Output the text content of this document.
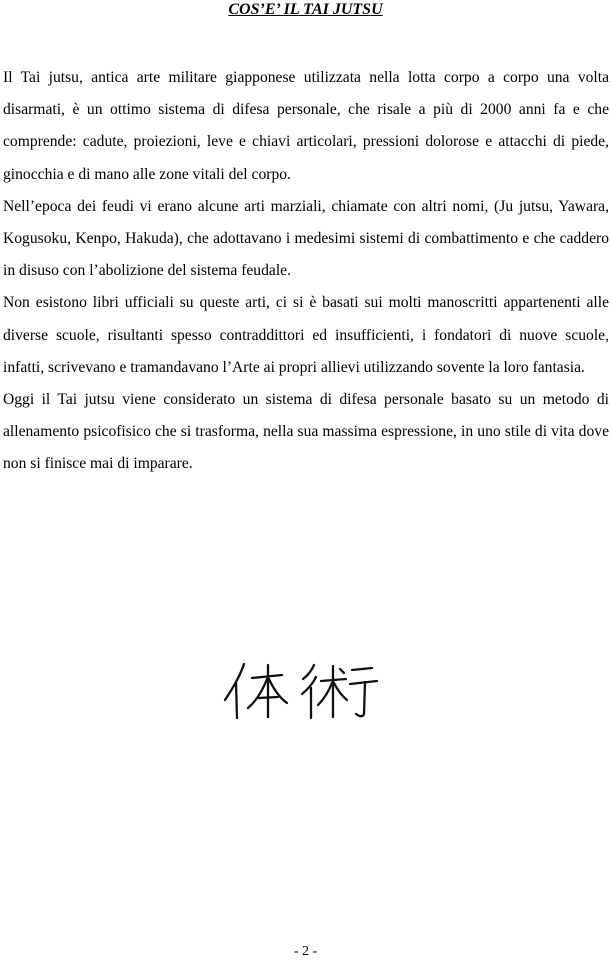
COS’E’ IL TAI JUTSU

Il Tai jutsu, antica arte militare giapponese utilizzata nella lotta corpo a corpo una volta disarmati, è un ottimo sistema di difesa personale, che risale a più di 2000 anni fa e che comprende: cadute, proiezioni, leve e chiavi articolari, pressioni dolorose e attacchi di piede, ginocchia e di mano alle zone vitali del corpo.

Nell’epoca dei feudi vi erano alcune arti marziali, chiamate con altri nomi, (Ju jutsu, Yawara, Kogusoku, Kenpo, Hakuda), che adottavano i medesimi sistemi di combattimento e che caddero in disuso con l’abolizione del sistema feudale.

Non esistono libri ufficiali su queste arti, ci si è basati sui molti manoscritti appartenenti alle diverse scuole, risultanti spesso contraddittori ed insufficienti, i fondatori di nuove scuole, infatti, scrivevano e tramandavano l’Arte ai propri allievi utilizzando sovente la loro fantasia.

Oggi il Tai jutsu viene considerato un sistema di difesa personale basato su un metodo di allenamento psicofisico che si trasforma, nella sua massima espressione, in uno stile di vita dove non si finisce mai di imparare.

- 2 -
